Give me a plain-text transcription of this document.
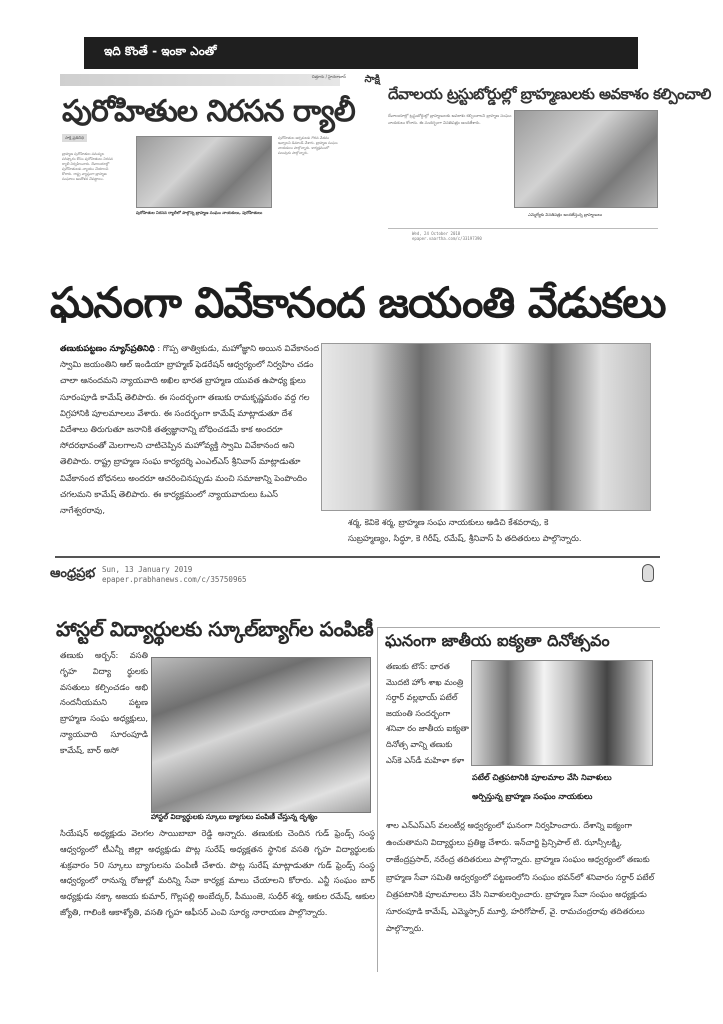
ఇది కొంతే - ఇంకా ఎంతో
చిత్తూరు / హైదరాబాద్ సాక్షి
పురోహితుల నిరసన ర్యాలీ
సాక్షి ప్రతినిధి
బ్రాహ్మణ పురోహితుల సమస్యల పరిష్కారం కోసం పురోహితులు నిరసన ర్యాలీ నిర్వహించారు. దేవాలయాల్లో పురోహితులకు న్యాయం చేయాలని కోరారు. రాష్ట్ర వ్యాప్తంగా బ్రాహ్మణ సంఘాలు ఆందోళన చేపట్టాయి.
పురోహితుల నిరసన ర్యాలీలో పాల్గొన్న బ్రాహ్మణ సంఘం నాయకులు, పురోహితులు
పురోహితుల అర్చకులకు గౌరవ వేతనం ఇవ్వాలని డిమాండ్ చేశారు. బ్రాహ్మణ సంఘం నాయకులు పాల్గొన్నారు. కార్యక్రమంలో పలువురు పాల్గొన్నారు.
దేవాలయ ట్రస్టుబోర్డుల్లో బ్రాహ్మణులకు అవకాశం కల్పించాలి
దేవాలయాల్లో ట్రస్టుబోర్డుల్లో బ్రాహ్మణులకు అవకాశం కల్పించాలని బ్రాహ్మణ సంఘం నాయకులు కోరారు. ఈ సందర్భంగా వినతిపత్రం అందజేశారు.
ఎమ్మెల్యేకు వినతిపత్రం అందజేస్తున్న బ్రాహ్మణులు
Wed, 24 October 2018
epaper.vaartha.com/c/33197390
ఘనంగా వివేకానంద జయంతి వేడుకలు
తణుకుపట్టణం న్యూస్‌ప్రతినిధి : గొప్ప తాత్వికుడు, మహోజ్ఞాని అయిన వివేకానంద స్వామి జయంతిని ఆల్ ఇండియా బ్రాహ్మణ్ ఫెడరేషన్ ఆధ్వర్యంలో నిర్వహిం చడం చాలా ఆనందమని న్యాయవాది అఖిల భారత బ్రాహ్మణ యువత ఉపాధ్య క్షులు సూరంపూడి కామేష్ తెలిపారు. ఈ సందర్భంగా తణుకు రామకృష్ణమఠం వద్ద గల విగ్రహానికి పూలమాలలు వేశారు. ఈ సందర్భంగా కామేష్ మాట్లాడుతూ దేశ విదేశాలు తిరుగుతూ జనానికి తత్వజ్ఞానాన్ని బోధించడమే కాక అందరూ సోదరభావంతో మెలగాలని చాటిచెప్పిన మహోవ్యక్తి స్వామి వివేకానంద అని తెలిపారు. రాష్ట్ర బ్రాహ్మణ సంఘ కార్యదర్శి ఎంఎల్‌ఎస్ శ్రీనివాస్ మాట్లాడుతూ వివేకానంద బోధనలు అందరూ ఆచరించినప్పుడు మంచి సమాజాన్ని పెంపొందిం చగలమని కామేష్ తెలిపారు. ఈ కార్యక్రమంలో న్యాయవాదులు ఓఎస్ నాగేశ్వరరావు,
శర్మ, కెవికె శర్మ, బ్రాహ్మణ సంఘ నాయకులు ఆడిచి కేశవరావు, కె
సుబ్రహ్మణ్యం, సిద్ధూ, కె గిరీష్, రమేష్, శ్రీనివాస్ పి తదితరులు పాల్గొన్నారు.
ఆంధ్రప్రభ Sun, 13 January 2019
epaper.prabhanews.com/c/35750965
హాస్టల్ విద్యార్థులకు స్కూల్‌బ్యాగ్‌ల పంపిణీ
తణుకు అర్బన్: వసతి గృహ విద్యా ర్థులకు వసతులు కల్పించడం అభి నందనీయమని పట్టణ బ్రాహ్మణ సంఘ అధ్యక్షులు, న్యాయవాది సూరంపూడి కామేష్, బార్ అసో
హాస్టల్ విద్యార్థులకు స్కూలు బ్యాగులు పంపిణీ చేస్తున్న దృశ్యం
సియేషన్ అధ్యక్షుడు వెలగల సాయిబాబా రెడ్డి అన్నారు. తణుకుకు చెందిన గుడ్ ఫ్రెండ్స్ సంస్థ ఆధ్వర్యంలో టీఎన్నీ జిల్లా అధ్యక్షుడు పొట్ల సురేష్ అధ్యక్షతన స్థానిక వసతి గృహ విద్యార్థులకు శుక్రవారం 50 స్కూలు బ్యాగులను పంపిణీ చేశారు. పొట్ల సురేష్ మాట్లాడుతూ గుడ్ ఫ్రెండ్స్ సంస్థ ఆధ్వర్యంలో రానున్న రోజుల్లో మరిన్ని సేవా కార్యక్ర మాలు చేయాలని కోరారు. ఎన్జీ సంఘం బార్ అధ్యక్షుడు నక్కా అజయ కుమార్, గొల్లపల్లి అంబేద్కర్, పీముంజె, సుధీర్ శర్మ, ఆకుల రమేష్, ఆకుల జ్యోతి, గాలింకి ఆకాశ్యోతి, వసతి గృహ ఆఫీసర్ ఎంవి సూర్య నారాయణ పాల్గొన్నారు.
ఘనంగా జాతీయ ఐక్యతా దినోత్సవం
తణుకు టౌన్: భారత మొదటి హోం శాఖ మంత్రి సర్దార్ వల్లభాయ్ పటేల్ జయంతి సందర్భంగా శనివా రం జాతీయ ఐక్యతా దినోత్స వాన్ని తణుకు ఎస్‌కె ఎస్‌డీ మహిళా కళా
పటేల్ చిత్రపటానికి పూలమాల వేసి నివాళులు
అర్పిస్తున్న బ్రాహ్మణ సంఘం నాయకులు
శాల ఎన్ఎస్ఎస్ వలంటీర్ల ఆధ్వర్యంలో ఘనంగా నిర్వహించారు. దేశాన్ని ఐక్యంగా ఉంచుతామని విద్యార్థులు ప్రతిజ్ఞ చేశారు. ఇన్‌చార్జి ప్రిన్సిపాల్ టి. ఝాన్సీలక్ష్మి, రాజేంద్రప్రసాద్, నరేంద్ర తదితరులు పాల్గొన్నారు. బ్రాహ్మణ సంఘం ఆధ్వర్యంలో తణుకు బ్రాహ్మణ సేవా సమితి ఆధ్వర్యంలో పట్టణంలోని సంఘం భవన్‌లో శనివారం సర్దార్ పటేల్ చిత్రపటానికి పూలమాలలు వేసి నివాళులర్పించారు. బ్రాహ్మణ సేవా సంఘం అధ్యక్షుడు సూరంపూడి కామేష్, ఎమ్మెస్సార్ మూర్తి, హరిగోపాల్, వై. రామచంద్రరావు తదితరులు పాల్గొన్నారు.
